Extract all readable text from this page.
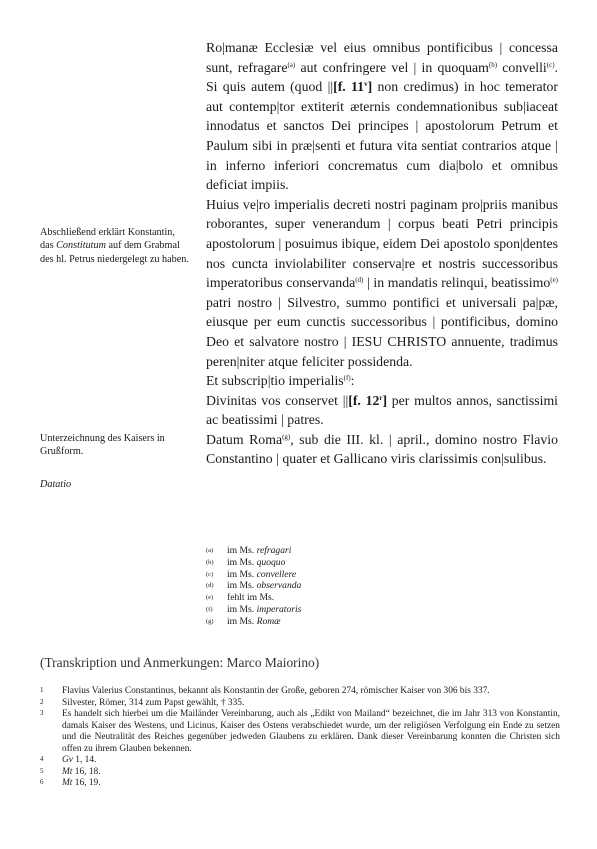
Abschließend erklärt Konstantin, das Constitutum auf dem Grabmal des hl. Petrus niedergelegt zu haben.
Unterzeichnung des Kaisers in Grußform.
Datatio

Ro|manæ Ecclesiæ vel eius omnibus pontificibus | concessa sunt, refragare$^{(a)}$ aut confringere vel | in quoquam$^{(b)}$ convelli$^{(c)}$. Si quis autem (quod ||[f. 11$^v$] non credimus) in hoc temerator aut contemp|tor extiterit æternis condemnationibus sub|iaceat innodatus et sanctos Dei principes | apostolorum Petrum et Paulum sibi in præ|senti et futura vita sentiat contrarios atque | in inferno inferiori concrematus cum dia|bolo et omnibus deficiat impiis.

Huius ve|ro imperialis decreti nostri paginam pro|priis manibus roborantes, super venerandum | corpus beati Petri principis apostolorum | posuimus ibique, eidem Dei apostolo spon|dentes nos cuncta inviolabiliter conserva|re et nostris successoribus imperatoribus conservanda$^{(d)}$ | in mandatis relinqui, beatissimo$^{(e)}$ patri nostro | Silvestro, summo pontifici et universali pa|pæ, eiusque per eum cunctis successoribus | pontificibus, domino Deo et salvatore nostro | IESU CHRISTO annuente, tradimus peren|niter atque feliciter possidenda.

Et subscrip|tio imperialis$^{(f)}$:

Divinitas vos conservet ||[f. 12$^r$] per multos annos, sanctissimi ac beatissimi | patres.

Datum Roma$^{(g)}$, sub die III. kl. | april., domino nostro Flavio Constantino | quater et Gallicano viris clarissimis con|sulibus.

(a)	im Ms. refragari
(b)	im Ms. quoquo
(c)	im Ms. convellere
(d)	im Ms. observanda
(e)	fehlt im Ms.
(f)	im Ms. imperatoris
(g)	im Ms. Romæ
(Transkription und Anmerkungen: Marco Maiorino)
1	Flavius Valerius Constantinus, bekannt als Konstantin der Große, geboren 274, römischer Kaiser von 306 bis 337.
2	Silvester, Römer, 314 zum Papst gewählt, † 335.
3	Es handelt sich hierbei um die Mailänder Vereinbarung, auch als „Edikt von Mailand“ bezeichnet, die im Jahr 313 von Konstantin, damals Kaiser des Westens, und Licinus, Kaiser des Ostens verabschiedet wurde, um der religiösen Verfolgung ein Ende zu setzen und die Neutralität des Reiches gegenüber jedweden Glaubens zu erklären. Dank dieser Vereinbarung konnten die Christen sich offen zu ihrem Glauben bekennen.
4	Gv 1, 14.
5	Mt 16, 18.
6	Mt 16, 19.
